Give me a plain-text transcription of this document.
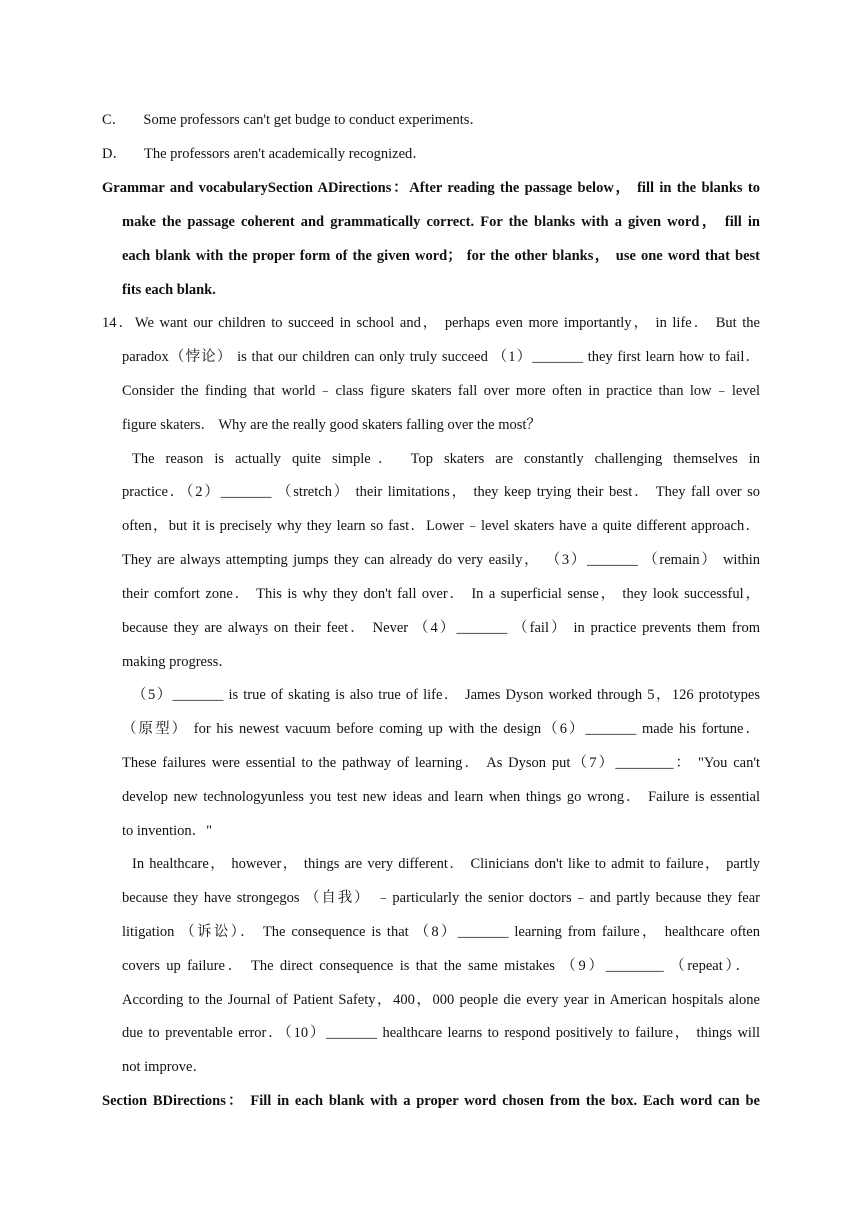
C． Some professors can't get budge to conduct experiments．
D． The professors aren't academically recognized．
Grammar and vocabularySection ADirections：After reading the passage below， fill in the blanks to
make the passage coherent and grammatically correct. For the blanks with a given word， fill in
each blank with the proper form of the given word； for the other blanks， use one word that best
fits each blank.
14．We want our children to succeed in school and， perhaps even more importantly， in life． But the
paradox（悖论） is that our children can only truly succeed （1）_______ they first learn how to fail．
Consider the finding that world﹣class figure skaters fall over more often in practice than low﹣level
figure skaters． Why are the really good skaters falling over the most？
The reason is actually quite simple． Top skaters are constantly challenging themselves in
practice．（2）_______ （stretch） their limitations， they keep trying their best． They fall over so
often，but it is precisely why they learn so fast．Lower﹣level skaters have a quite different approach．
They are always attempting jumps they can already do very easily， （3）_______ （remain） within
their comfort zone． This is why they don't fall over． In a superficial sense， they look successful，
because they are always on their feet． Never （4）_______ （fail） in practice prevents them from
making progress．
（5）_______ is true of skating is also true of life． James Dyson worked through 5，126 prototypes
（原型） for his newest vacuum before coming up with the design（6）_______ made his fortune．
These failures were essential to the pathway of learning． As Dyson put（7）________： "You can't
develop new technologyunless you test new ideas and learn when things go wrong． Failure is essential
to invention．"
In healthcare， however， things are very different． Clinicians don't like to admit to failure， partly
because they have strongegos （自我） ﹣particularly the senior doctors﹣and partly because they fear
litigation （诉讼）． The consequence is that （8）_______ learning from failure， healthcare often
covers up failure． The direct consequence is that the same mistakes （9）________ （repeat）．
According to the Journal of Patient Safety，400，000 people die every year in American hospitals alone
due to preventable error．（10）_______ healthcare learns to respond positively to failure， things will
not improve．
Section BDirections： Fill in each blank with a proper word chosen from the box. Each word can be
